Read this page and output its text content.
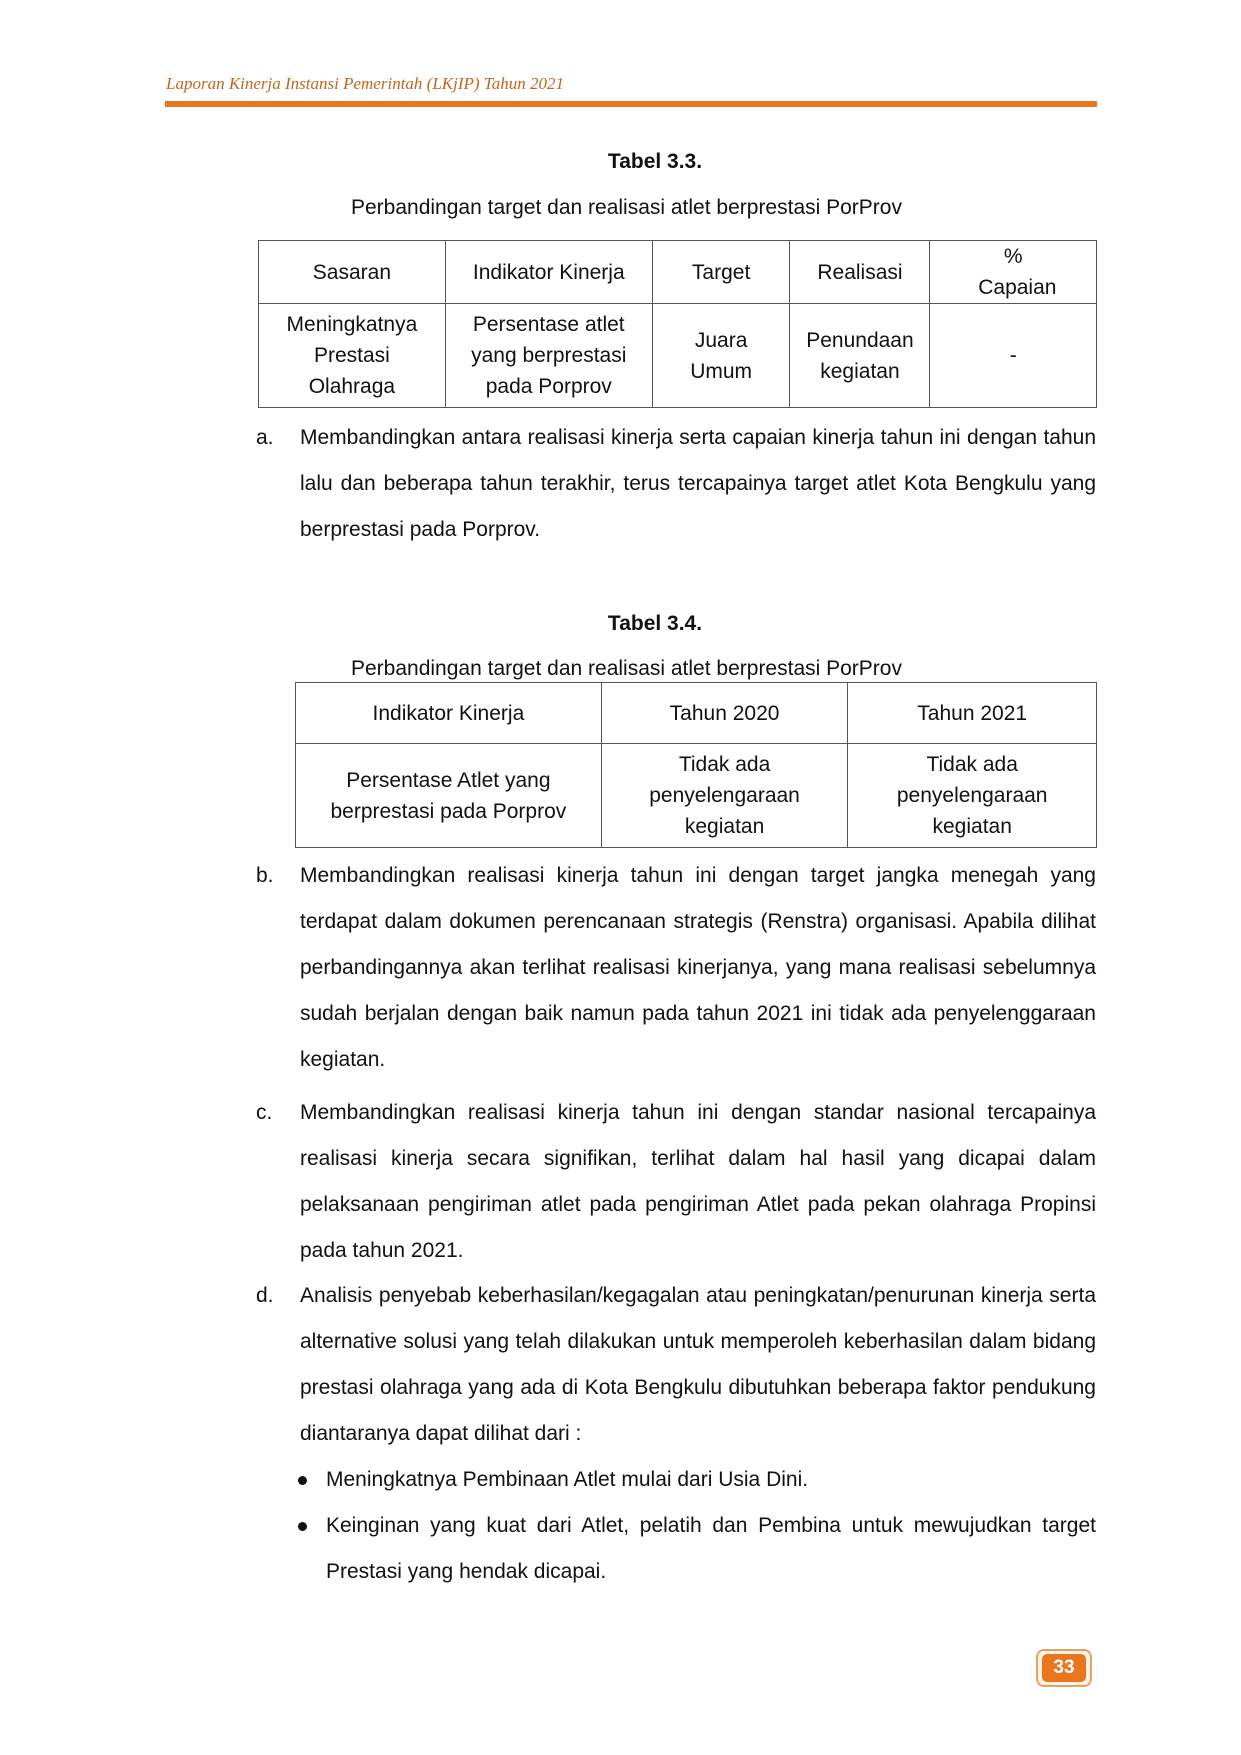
Laporan Kinerja Instansi Pemerintah (LKjIP) Tahun 2021
Tabel 3.3.
Perbandingan target dan realisasi atlet berprestasi PorProv
Sasaran	Indikator Kinerja	Target	Realisasi	% Capaian

Meningkatnya Prestasi Olahraga	Persentase atlet yang berprestasi pada Porprov	Juara Umum	Penundaan kegiatan	-
a.	Membandingkan antara realisasi kinerja serta capaian kinerja tahun ini dengan tahun lalu dan beberapa tahun terakhir, terus tercapainya target atlet Kota Bengkulu yang berprestasi pada Porprov.
Tabel 3.4.
Perbandingan target dan realisasi atlet berprestasi PorProv
Indikator Kinerja	Tahun 2020	Tahun 2021

Persentase Atlet yang berprestasi pada Porprov	Tidak ada penyelengaraan kegiatan	Tidak ada penyelengaraan kegiatan
b.	Membandingkan realisasi kinerja tahun ini dengan target jangka menegah yang terdapat dalam dokumen perencanaan strategis (Renstra) organisasi. Apabila dilihat perbandingannya akan terlihat realisasi kinerjanya, yang mana realisasi sebelumnya sudah berjalan dengan baik namun pada tahun 2021 ini tidak ada penyelenggaraan kegiatan.
c.	Membandingkan realisasi kinerja tahun ini dengan standar nasional tercapainya realisasi kinerja secara signifikan, terlihat dalam hal hasil yang dicapai dalam pelaksanaan pengiriman atlet pada pengiriman Atlet pada pekan olahraga Propinsi pada tahun 2021.
d.	Analisis penyebab keberhasilan/kegagalan atau peningkatan/penurunan kinerja serta alternative solusi yang telah dilakukan untuk memperoleh keberhasilan dalam bidang prestasi olahraga yang ada di Kota Bengkulu dibutuhkan beberapa faktor pendukung diantaranya dapat dilihat dari :
Meningkatnya Pembinaan Atlet mulai dari Usia Dini.
Keinginan yang kuat dari Atlet, pelatih dan Pembina untuk mewujudkan target Prestasi yang hendak dicapai.
33
